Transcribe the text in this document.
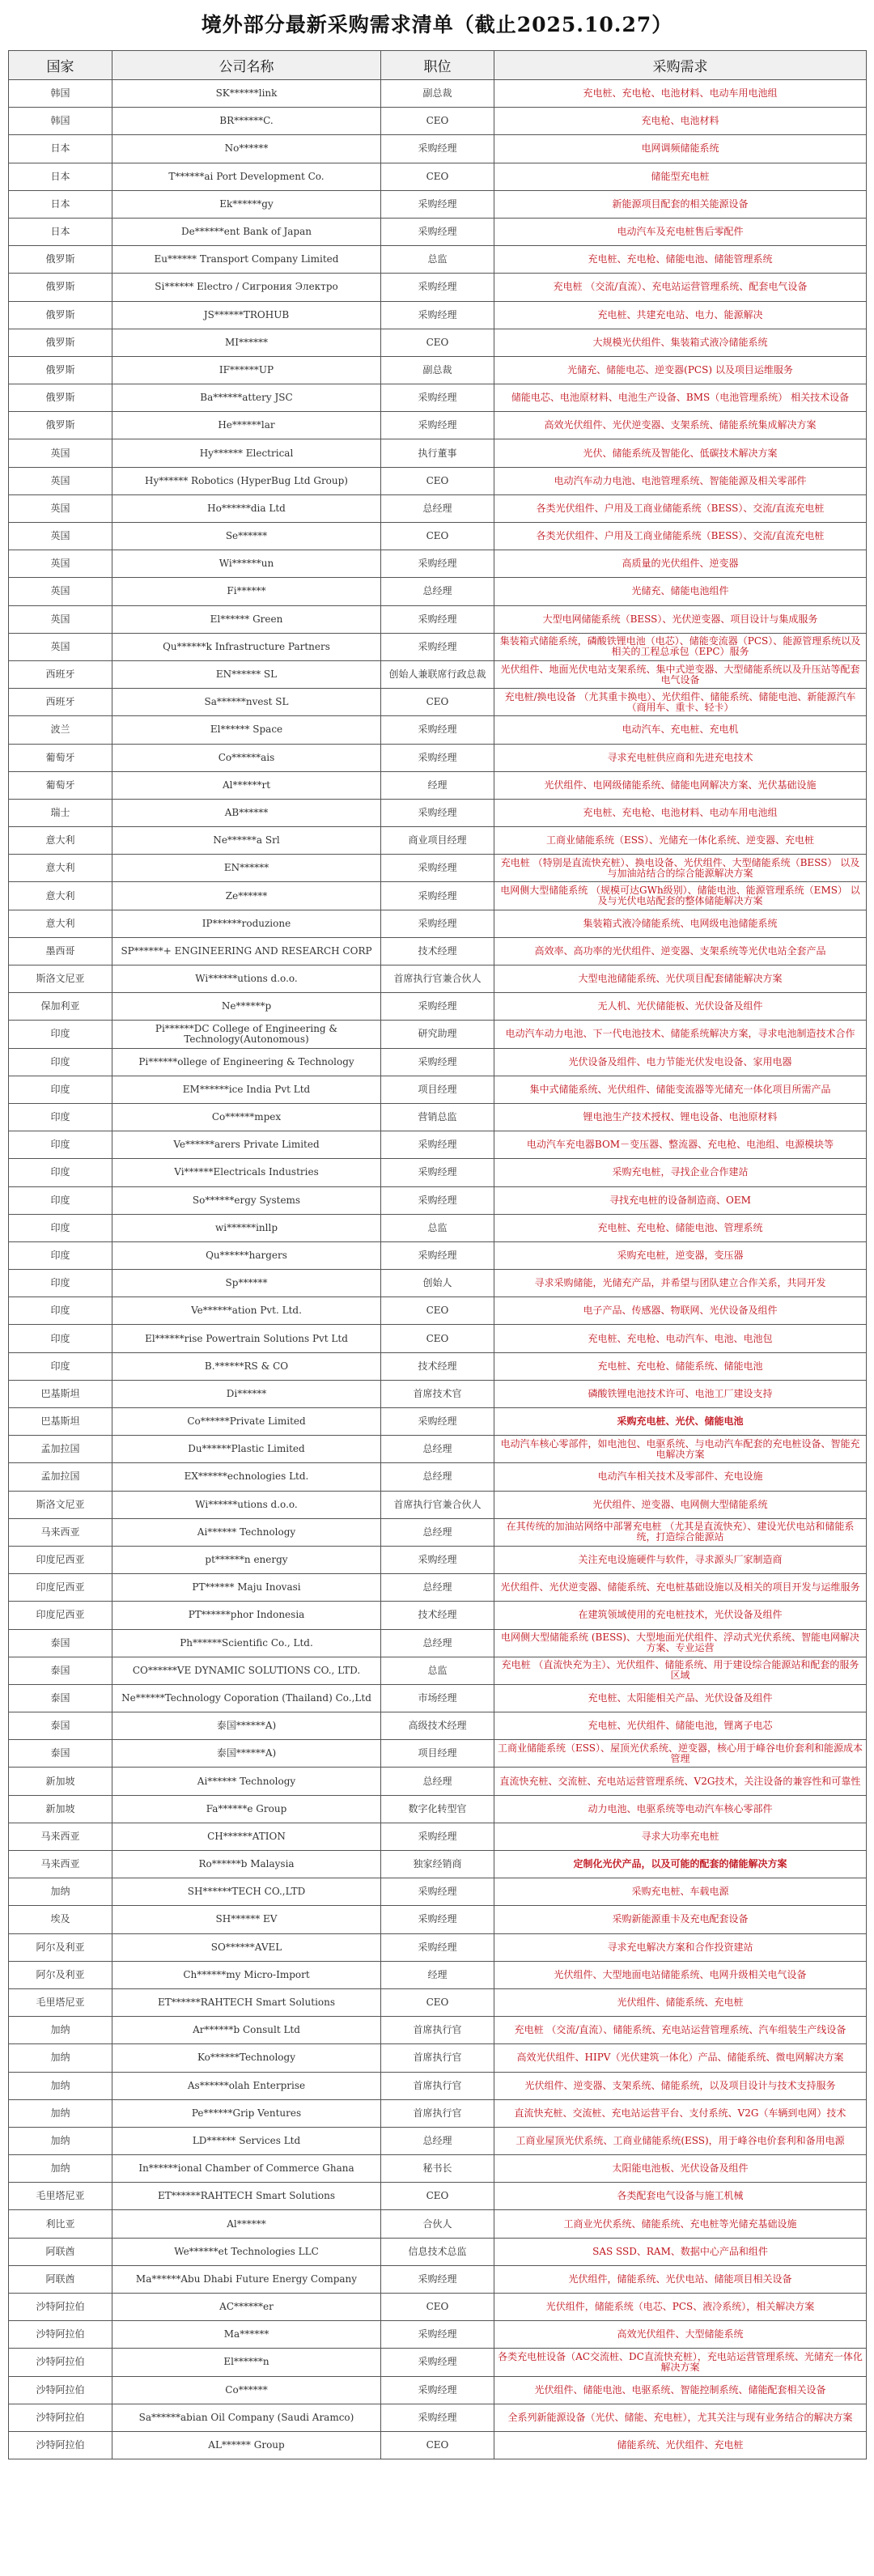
境外部分最新采购需求清单（截止2025.10.27）
国家	公司名称	职位	采购需求
韩国	SK******link	副总裁	充电桩、充电枪、电池材料、电动车用电池组
韩国	BR******C.	CEO	充电枪、电池材料
日本	No******	采购经理	电网调频储能系统
日本	T******ai Port Development Co.	CEO	储能型充电桩
日本	Ek******gy	采购经理	新能源项目配套的相关能源设备
日本	De******ent Bank of Japan	采购经理	电动汽车及充电桩售后零配件
俄罗斯	Eu****** Transport Company Limited	总监	充电桩、充电枪、储能电池、储能管理系统
俄罗斯	Si****** Electro / Сигрония Электро	采购经理	充电桩 （交流/直流）、充电站运营管理系统、配套电气设备
俄罗斯	JS******TROHUB	采购经理	充电桩、共建充电站、电力、能源解决
俄罗斯	MI******	CEO	大规模光伏组件、集装箱式液冷储能系统
俄罗斯	IF******UP	副总裁	光储充、储能电芯、逆变器(PCS) 以及项目运维服务
俄罗斯	Ba******attery JSC	采购经理	储能电芯、电池原材料、电池生产设备、BMS（电池管理系统） 相关技术设备
俄罗斯	He******lar	采购经理	高效光伏组件、光伏逆变器、支架系统、储能系统集成解决方案
英国	Hy****** Electrical	执行董事	光伏、储能系统及智能化、低碳技术解决方案
英国	Hy****** Robotics (HyperBug Ltd Group)	CEO	电动汽车动力电池、电池管理系统、智能能源及相关零部件
英国	Ho******dia Ltd	总经理	各类光伏组件、户用及工商业储能系统（BESS）、交流/直流充电桩
英国	Se******	CEO	各类光伏组件、户用及工商业储能系统（BESS）、交流/直流充电桩
英国	Wi******un	采购经理	高质量的光伏组件、逆变器
英国	Fi******	总经理	光储充、储能电池组件
英国	El****** Green	采购经理	大型电网储能系统（BESS）、光伏逆变器、项目设计与集成服务
英国	Qu******k Infrastructure Partners	采购经理	集装箱式储能系统，磷酸铁锂电池（电芯）、储能变流器（PCS）、能源管理系统以及相关的工程总承包（EPC）服务
西班牙	EN****** SL	创始人兼联席行政总裁	光伏组件、地面光伏电站支架系统、集中式逆变器、大型储能系统以及升压站等配套电气设备
西班牙	Sa******nvest SL	CEO	充电桩/换电设备 （尤其重卡换电）、光伏组件、储能系统、储能电池、新能源汽车（商用车、重卡、轻卡）
波兰	El****** Space	采购经理	电动汽车、充电桩、充电机
葡萄牙	Co******ais	采购经理	寻求充电桩供应商和先进充电技术
葡萄牙	Al******rt	经理	光伏组件、电网级储能系统、储能电网解决方案、光伏基础设施
瑞士	AB******	采购经理	充电桩、充电枪、电池材料、电动车用电池组
意大利	Ne******a Srl	商业项目经理	工商业储能系统（ESS）、光储充一体化系统、逆变器、充电桩
意大利	EN******	采购经理	充电桩 （特别是直流快充桩）、换电设备、光伏组件、大型储能系统（BESS） 以及与加油站结合的综合能源解决方案
意大利	Ze******	采购经理	电网侧大型储能系统 （规模可达GWh级别）、储能电池、能源管理系统（EMS） 以及与光伏电站配套的整体储能解决方案
意大利	IP******roduzione	采购经理	集装箱式液冷储能系统、电网级电池储能系统
墨西哥	SP******+ ENGINEERING AND RESEARCH CORP	技术经理	高效率、高功率的光伏组件、逆变器、支架系统等光伏电站全套产品
斯洛文尼亚	Wi******utions d.o.o.	首席执行官兼合伙人	大型电池储能系统、光伏项目配套储能解决方案
保加利亚	Ne******p	采购经理	无人机、光伏储能板、光伏设备及组件
印度	Pi******DC College of Engineering & Technology(Autonomous)	研究助理	电动汽车动力电池、下一代电池技术、储能系统解决方案，寻求电池制造技术合作
印度	Pi******ollege of Engineering & Technology	采购经理	光伏设备及组件、电力节能光伏发电设备、家用电器
印度	EM******ice India Pvt Ltd	项目经理	集中式储能系统、光伏组件、储能变流器等光储充一体化项目所需产品
印度	Co******mpex	营销总监	锂电池生产技术授权、锂电设备、电池原材料
印度	Ve******arers Private Limited	采购经理	电动汽车充电器BOM－变压器、整流器、充电枪、电池组、电源模块等
印度	Vi******Electricals Industries	采购经理	采购充电桩，寻找企业合作建站
印度	So******ergy Systems	采购经理	寻找充电桩的设备制造商、OEM
印度	wi******inllp	总监	充电桩、充电枪、储能电池、管理系统
印度	Qu******hargers	采购经理	采购充电桩，逆变器，变压器
印度	Sp******	创始人	寻求采购储能，光储充产品，并希望与团队建立合作关系，共同开发
印度	Ve******ation Pvt. Ltd.	CEO	电子产品、传感器、物联网、光伏设备及组件
印度	El******rise Powertrain Solutions Pvt Ltd	CEO	充电桩、充电枪、电动汽车、电池、电池包
印度	B.******RS & CO	技术经理	充电桩、充电枪、储能系统、储能电池
巴基斯坦	Di******	首席技术官	磷酸铁锂电池技术许可、电池工厂建设支持
巴基斯坦	Co******Private Limited	采购经理	采购充电桩、光伏、储能电池
孟加拉国	Du******Plastic Limited	总经理	电动汽车核心零部件，如电池包、电驱系统、与电动汽车配套的充电桩设备、智能充电解决方案
孟加拉国	EX******echnologies Ltd.	总经理	电动汽车相关技术及零部件、充电设施
斯洛文尼亚	Wi******utions d.o.o.	首席执行官兼合伙人	光伏组件、逆变器、电网侧大型储能系统
马来西亚	Ai****** Technology	总经理	在其传统的加油站网络中部署充电桩 （尤其是直流快充）、建设光伏电站和储能系统，打造综合能源站
印度尼西亚	pt******n energy	采购经理	关注充电设施硬件与软件，寻求源头厂家制造商
印度尼西亚	PT****** Maju Inovasi	总经理	光伏组件、光伏逆变器、储能系统、充电桩基础设施以及相关的项目开发与运维服务
印度尼西亚	PT******phor Indonesia	技术经理	在建筑领域使用的充电桩技术，光伏设备及组件
泰国	Ph******Scientific Co., Ltd.	总经理	电网侧大型储能系统 (BESS)、大型地面光伏组件、浮动式光伏系统、智能电网解决方案、专业运营
泰国	CO******VE DYNAMIC SOLUTIONS CO., LTD.	总监	充电桩 （直流快充为主）、光伏组件、储能系统、用于建设综合能源站和配套的服务区域
泰国	Ne******Technology Coporation (Thailand) Co.,Ltd	市场经理	充电桩、太阳能相关产品、光伏设备及组件
泰国	泰国******A)	高级技术经理	充电桩、光伏组件、储能电池，锂离子电芯
泰国	泰国******A)	项目经理	工商业储能系统（ESS）、屋顶光伏系统、逆变器，核心用于峰谷电价套利和能源成本管理
新加坡	Ai****** Technology	总经理	直流快充桩、交流桩、充电站运营管理系统、V2G技术，关注设备的兼容性和可靠性
新加坡	Fa******e Group	数字化转型官	动力电池、电驱系统等电动汽车核心零部件
马来西亚	CH******ATION	采购经理	寻求大功率充电桩
马来西亚	Ro******b Malaysia	独家经销商	定制化光伏产品，以及可能的配套的储能解决方案
加纳	SH******TECH CO.,LTD	采购经理	采购充电桩、车载电源
埃及	SH****** EV	采购经理	采购新能源重卡及充电配套设备
阿尔及利亚	SO******AVEL	采购经理	寻求充电解决方案和合作投资建站
阿尔及利亚	Ch******my Micro-Import	经理	光伏组件、大型地面电站储能系统、电网升级相关电气设备
毛里塔尼亚	ET******RAHTECH Smart Solutions	CEO	光伏组件、储能系统、充电桩
加纳	Ar******b Consult Ltd	首席执行官	充电桩 （交流/直流）、储能系统、充电站运营管理系统、汽车组装生产线设备
加纳	Ko******Technology	首席执行官	高效光伏组件、HIPV（光伏建筑一体化）产品、储能系统、微电网解决方案
加纳	As******olah Enterprise	首席执行官	光伏组件、逆变器、支架系统、储能系统，以及项目设计与技术支持服务
加纳	Pe******Grip Ventures	首席执行官	直流快充桩、交流桩、充电站运营平台、支付系统、V2G（车辆到电网）技术
加纳	LD****** Services Ltd	总经理	工商业屋顶光伏系统、工商业储能系统(ESS)，用于峰谷电价套利和备用电源
加纳	In******ional Chamber of Commerce Ghana	秘书长	太阳能电池板、光伏设备及组件
毛里塔尼亚	ET******RAHTECH Smart Solutions	CEO	各类配套电气设备与施工机械
利比亚	Al******	合伙人	工商业光伏系统、储能系统、充电桩等光储充基础设施
阿联酋	We******et Technologies LLC	信息技术总监	SAS SSD、RAM、数据中心产品和组件
阿联酋	Ma******Abu Dhabi Future Energy Company	采购经理	光伏组件，储能系统、光伏电站、储能项目相关设备
沙特阿拉伯	AC******er	CEO	光伏组件，储能系统（电芯、PCS、液冷系统），相关解决方案
沙特阿拉伯	Ma******	采购经理	高效光伏组件、大型储能系统
沙特阿拉伯	El******n	采购经理	各类充电桩设备（AC交流桩、DC直流快充桩），充电站运营管理系统、光储充一体化解决方案
沙特阿拉伯	Co******	采购经理	光伏组件、储能电池、电驱系统、智能控制系统、储能配套相关设备
沙特阿拉伯	Sa******abian Oil Company (Saudi Aramco)	采购经理	全系列新能源设备（光伏、储能、充电桩），尤其关注与现有业务结合的解决方案
沙特阿拉伯	AL****** Group	CEO	储能系统、光伏组件、充电桩
